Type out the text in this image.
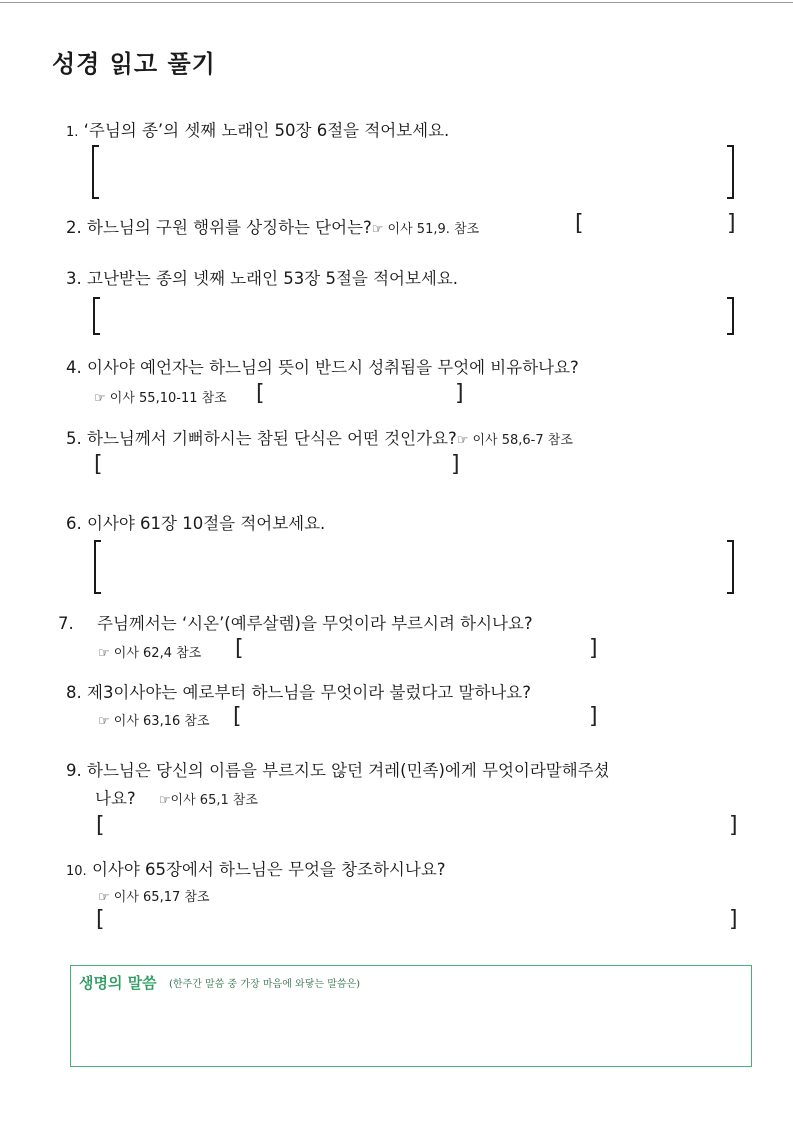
성경 읽고 풀기
1. ‘주님의 종’의 셋째 노래인 50장 6절을 적어보세요.
2. 하느님의 구원 행위를 상징하는 단어는?☞ 이사 51,9. 참조	[	]
3. 고난받는 종의 넷째 노래인 53장 5절을 적어보세요.
4. 이사야 예언자는 하느님의 뜻이 반드시 성취됨을 무엇에 비유하나요?
☞ 이사 55,10-11 참조 [	]
5. 하느님께서 기뻐하시는 참된 단식은 어떤 것인가요?☞ 이사 58,6-7 참조
[	]
6. 이사야 61장 10절을 적어보세요.
7. 주님께서는 ‘시온’(예루살렘)을 무엇이라 부르시려 하시나요?
☞ 이사 62,4 참조 [	]
8. 제3이사야는 예로부터 하느님을 무엇이라 불렀다고 말하나요?
☞ 이사 63,16 참조 [	]
9. 하느님은 당신의 이름을 부르지도 않던 겨레(민족)에게 무엇이라말해주셨
나요? ☞이사 65,1 참조
[	]
10. 이사야 65장에서 하느님은 무엇을 창조하시나요?
☞ 이사 65,17 참조
[	]
생명의 말씀 (한주간 말씀 중 가장 마음에 와닿는 말씀은)
